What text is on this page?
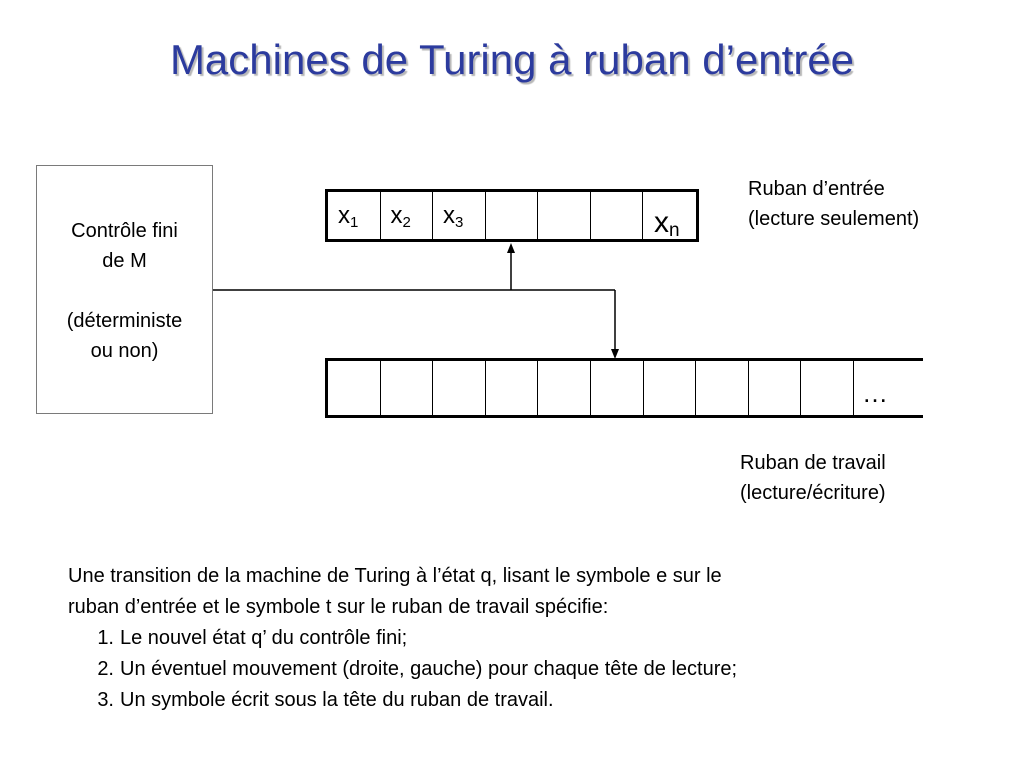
Machines de Turing à ruban d’entrée
Contrôle fini
de M
(déterministe
ou non)
$x_1$ $x_2$ $x_3$	$x_n$
Ruban d’entrée
(lecture seulement)
…
Ruban de travail
(lecture/écriture)
Une transition de la machine de Turing à l’état q, lisant le symbole e sur le
ruban d’entrée et le symbole t sur le ruban de travail spécifie:
1. Le nouvel état q’ du contrôle fini;
2. Un éventuel mouvement (droite, gauche) pour chaque tête de lecture;
3. Un symbole écrit sous la tête du ruban de travail.
